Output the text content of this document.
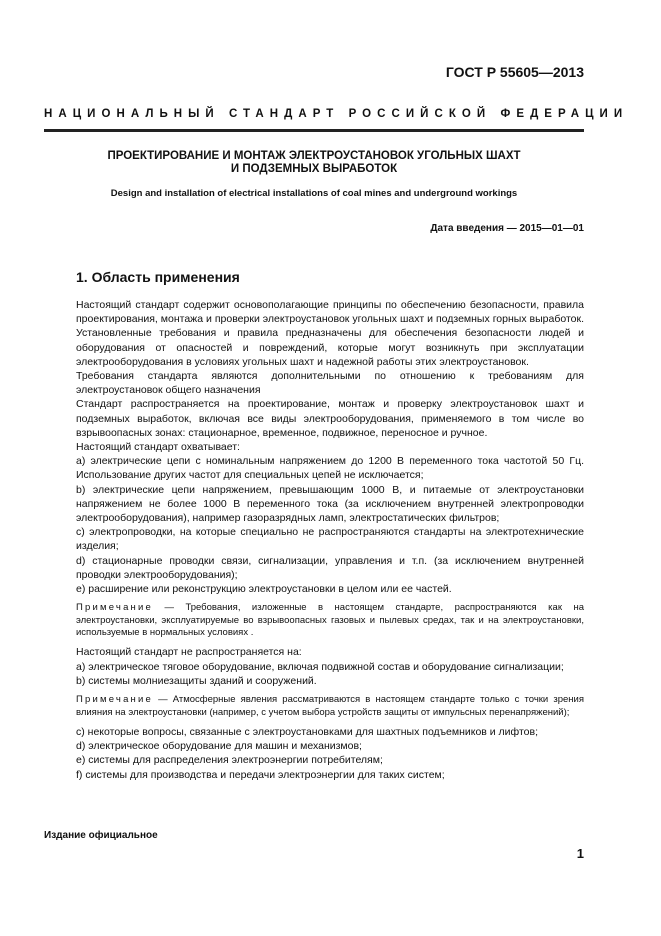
ГОСТ Р 55605—2013
НАЦИОНАЛЬНЫЙ СТАНДАРТ РОССИЙСКОЙ ФЕДЕРАЦИИ
ПРОЕКТИРОВАНИЕ И МОНТАЖ ЭЛЕКТРОУСТАНОВОК УГОЛЬНЫХ ШАХТ
И ПОДЗЕМНЫХ ВЫРАБОТОК
Design and installation of electrical installations of coal mines and underground workings
Дата введения — 2015—01—01
1. Область применения

Настоящий стандарт содержит основополагающие принципы по обеспечению безопасности, правила проектирования, монтажа и проверки электроустановок угольных шахт и подземных горных выработок. Установленные требования и правила предназначены для обеспечения безопасности людей и оборудования от опасностей и повреждений, которые могут возникнуть при эксплуатации электрооборудования в условиях угольных шахт и надежной работы этих электроустановок.

Требования стандарта являются дополнительными по отношению к требованиям для электроустановок общего назначения

Стандарт распространяется на проектирование, монтаж и проверку электроустановок шахт и подземных выработок, включая все виды электрооборудования, применяемого в том числе во взрывоопасных зонах: стационарное, временное, подвижное, переносное и ручное.

Настоящий стандарт охватывает:

a) электрические цепи с номинальным напряжением до 1200 В переменного тока частотой 50 Гц. Использование других частот для специальных цепей не исключается;

b) электрические цепи напряжением, превышающим 1000 В, и питаемые от электроустановки напряжением не более 1000 В переменного тока (за исключением внутренней электропроводки электрооборудования), например газоразрядных ламп, электростатических фильтров;

c) электропроводки, на которые специально не распространяются стандарты на электротехнические изделия;

d) стационарные проводки связи, сигнализации, управления и т.п. (за исключением внутренней проводки электрооборудования);

e) расширение или реконструкцию электроустановки в целом или ее частей.

Примечание — Требования, изложенные в настоящем стандарте, распространяются как на электроустановки, эксплуатируемые во взрывоопасных газовых и пылевых средах, так и на электроустановки, используемые в нормальных условиях .

Настоящий стандарт не распространяется на:

a) электрическое тяговое оборудование, включая подвижной состав и оборудование сигнализации;

b) системы молниезащиты зданий и сооружений.

Примечание — Атмосферные явления рассматриваются в настоящем стандарте только с точки зрения влияния на электроустановки (например, с учетом выбора устройств защиты от импульсных перенапряжений);

c) некоторые вопросы, связанные с электроустановками для шахтных подъемников и лифтов;

d) электрическое оборудование для машин и механизмов;

e) системы для распределения электроэнергии потребителям;

f) системы для производства и передачи электроэнергии для таких систем;

Издание официальное
1
